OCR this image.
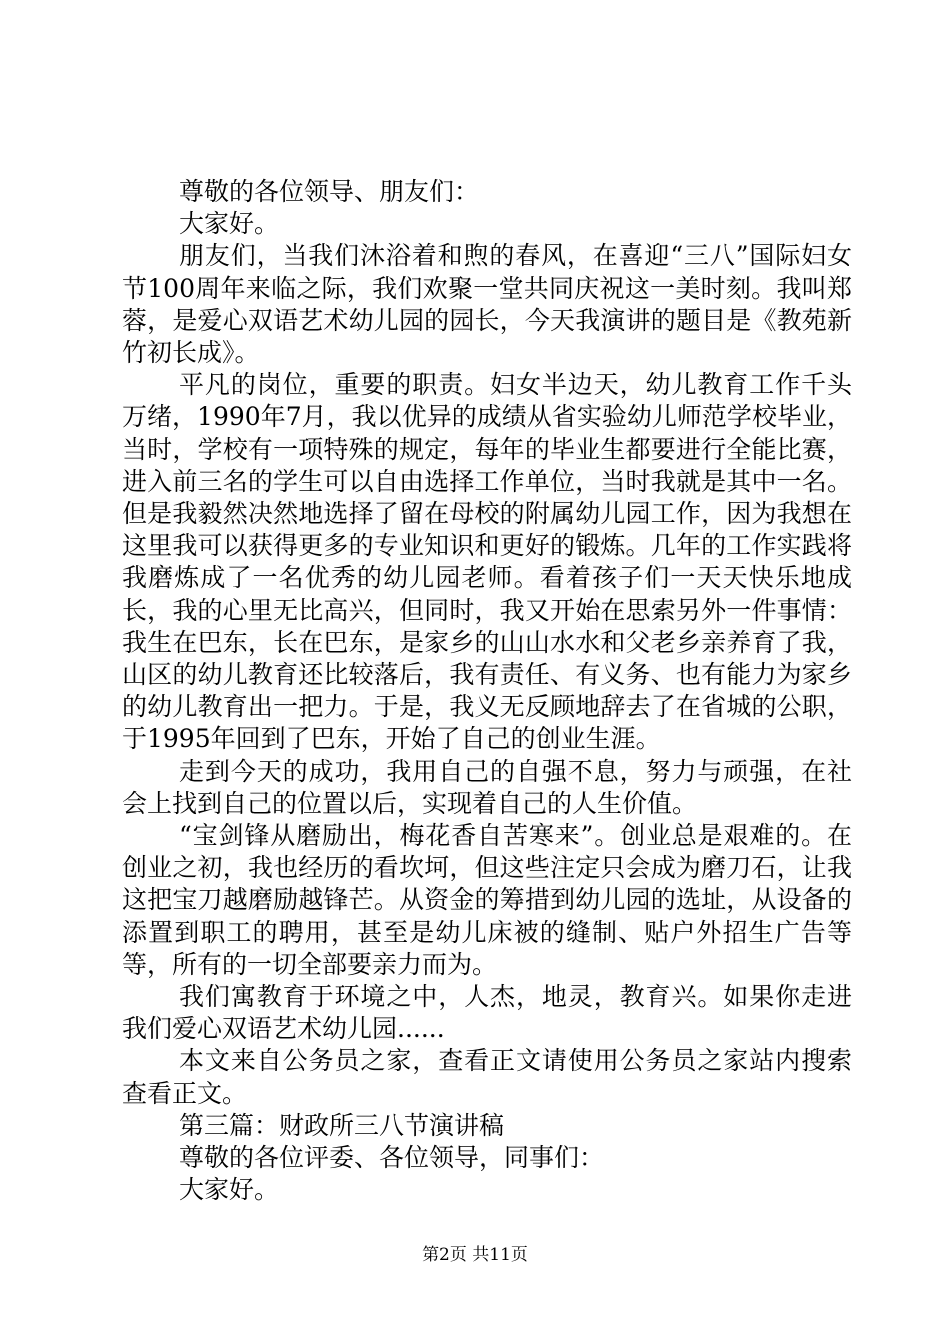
尊敬的各位领导、朋友们：

大家好。

朋友们，当我们沐浴着和煦的春风，在喜迎“三八”国际妇女节100周年来临之际，我们欢聚一堂共同庆祝这一美时刻。我叫郑蓉，是爱心双语艺术幼儿园的园长，今天我演讲的题目是《教苑新竹初长成》。

平凡的岗位，重要的职责。妇女半边天，幼儿教育工作千头万绪，1990年7月，我以优异的成绩从省实验幼儿师范学校毕业，当时，学校有一项特殊的规定，每年的毕业生都要进行全能比赛，进入前三名的学生可以自由选择工作单位，当时我就是其中一名。但是我毅然决然地选择了留在母校的附属幼儿园工作，因为我想在这里我可以获得更多的专业知识和更好的锻炼。几年的工作实践将我磨炼成了一名优秀的幼儿园老师。看着孩子们一天天快乐地成长，我的心里无比高兴，但同时，我又开始在思索另外一件事情：我生在巴东，长在巴东，是家乡的山山水水和父老乡亲养育了我，山区的幼儿教育还比较落后，我有责任、有义务、也有能力为家乡的幼儿教育出一把力。于是，我义无反顾地辞去了在省城的公职，于1995年回到了巴东，开始了自己的创业生涯。

走到今天的成功，我用自己的自强不息，努力与顽强，在社会上找到自己的位置以后，实现着自己的人生价值。

“宝剑锋从磨励出，梅花香自苦寒来”。创业总是艰难的。在创业之初，我也经历的看坎坷，但这些注定只会成为磨刀石，让我这把宝刀越磨励越锋芒。从资金的筹措到幼儿园的选址，从设备的添置到职工的聘用，甚至是幼儿床被的缝制、贴户外招生广告等等，所有的一切全部要亲力而为。

我们寓教育于环境之中，人杰，地灵，教育兴。如果你走进我们爱心双语艺术幼儿园......

本文来自公务员之家，查看正文请使用公务员之家站内搜索查看正文。

第三篇：财政所三八节演讲稿

尊敬的各位评委、各位领导，同事们：

大家好。

第2页 共11页
